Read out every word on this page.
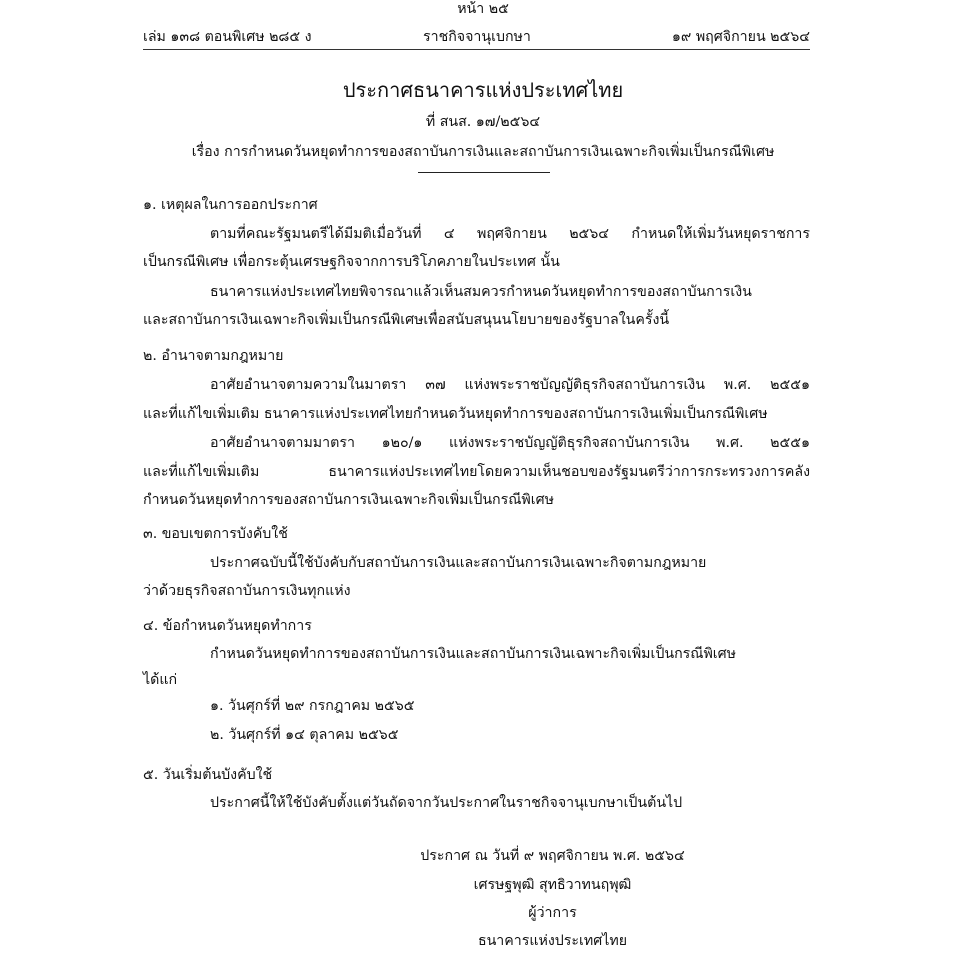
หน้า ๒๕
เล่ม ๑๓๘ ตอนพิเศษ ๒๘๕ ง	ราชกิจจานุเบกษา	๑๙ พฤศจิกายน ๒๕๖๔
ประกาศธนาคารแห่งประเทศไทย
ที่ สนส. ๑๗/๒๕๖๔
เรื่อง การกำหนดวันหยุดทำการของสถาบันการเงินและสถาบันการเงินเฉพาะกิจเพิ่มเป็นกรณีพิเศษ
๑. เหตุผลในการออกประกาศ
ตามที่คณะรัฐมนตรีได้มีมติเมื่อวันที่ ๔ พฤศจิกายน ๒๕๖๔ กำหนดให้เพิ่มวันหยุดราชการ
เป็นกรณีพิเศษ เพื่อกระตุ้นเศรษฐกิจจากการบริโภคภายในประเทศ นั้น
ธนาคารแห่งประเทศไทยพิจารณาแล้วเห็นสมควรกำหนดวันหยุดทำการของสถาบันการเงิน
และสถาบันการเงินเฉพาะกิจเพิ่มเป็นกรณีพิเศษเพื่อสนับสนุนนโยบายของรัฐบาลในครั้งนี้
๒. อำนาจตามกฎหมาย
อาศัยอำนาจตามความในมาตรา ๓๗ แห่งพระราชบัญญัติธุรกิจสถาบันการเงิน พ.ศ. ๒๕๕๑
และที่แก้ไขเพิ่มเติม ธนาคารแห่งประเทศไทยกำหนดวันหยุดทำการของสถาบันการเงินเพิ่มเป็นกรณีพิเศษ
อาศัยอำนาจตามมาตรา ๑๒๐/๑ แห่งพระราชบัญญัติธุรกิจสถาบันการเงิน พ.ศ. ๒๕๕๑
และที่แก้ไขเพิ่มเติม ธนาคารแห่งประเทศไทยโดยความเห็นชอบของรัฐมนตรีว่าการกระทรวงการคลัง
กำหนดวันหยุดทำการของสถาบันการเงินเฉพาะกิจเพิ่มเป็นกรณีพิเศษ
๓. ขอบเขตการบังคับใช้
ประกาศฉบับนี้ใช้บังคับกับสถาบันการเงินและสถาบันการเงินเฉพาะกิจตามกฎหมาย
ว่าด้วยธุรกิจสถาบันการเงินทุกแห่ง
๔. ข้อกำหนดวันหยุดทำการ
กำหนดวันหยุดทำการของสถาบันการเงินและสถาบันการเงินเฉพาะกิจเพิ่มเป็นกรณีพิเศษ
ได้แก่
๑. วันศุกร์ที่ ๒๙ กรกฎาคม ๒๕๖๕
๒. วันศุกร์ที่ ๑๔ ตุลาคม ๒๕๖๕
๕. วันเริ่มต้นบังคับใช้
ประกาศนี้ให้ใช้บังคับตั้งแต่วันถัดจากวันประกาศในราชกิจจานุเบกษาเป็นต้นไป
ประกาศ ณ วันที่ ๙ พฤศจิกายน พ.ศ. ๒๕๖๔
เศรษฐพุฒิ สุทธิวาทนฤพุฒิ
ผู้ว่าการ
ธนาคารแห่งประเทศไทย
